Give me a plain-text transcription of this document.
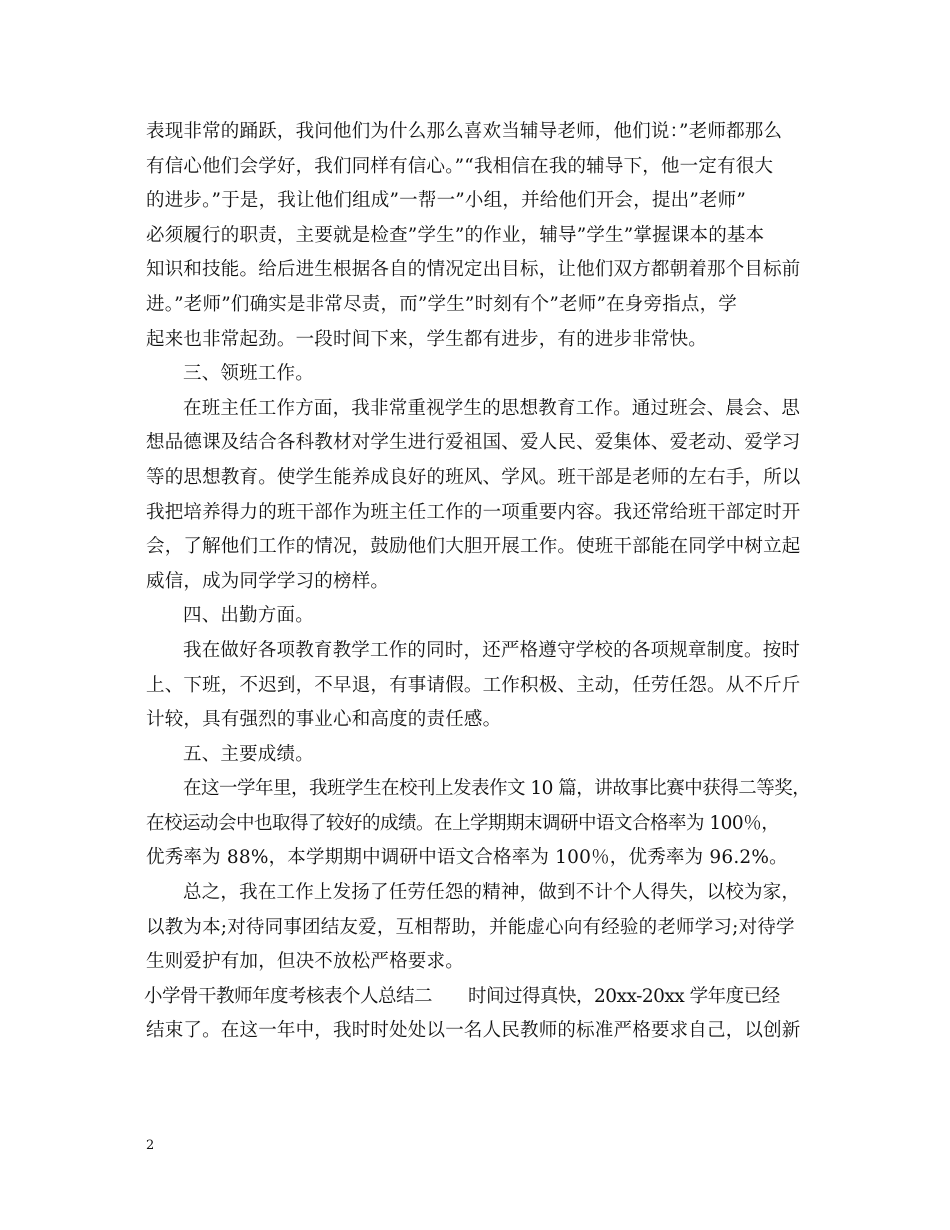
表现非常的踊跃，我问他们为什么那么喜欢当辅导老师，他们说：”老师都那么
有信心他们会学好，我们同样有信心。”“我相信在我的辅导下，他一定有很大
的进步。”于是，我让他们组成”一帮一”小组，并给他们开会，提出”老师”
必须履行的职责，主要就是检查”学生”的作业，辅导”学生”掌握课本的基本
知识和技能。给后进生根据各自的情况定出目标，让他们双方都朝着那个目标前
进。”老师”们确实是非常尽责，而”学生”时刻有个”老师”在身旁指点，学
起来也非常起劲。一段时间下来，学生都有进步，有的进步非常快。
三、领班工作。
在班主任工作方面，我非常重视学生的思想教育工作。通过班会、晨会、思
想品德课及结合各科教材对学生进行爱祖国、爱人民、爱集体、爱老动、爱学习
等的思想教育。使学生能养成良好的班风、学风。班干部是老师的左右手，所以
我把培养得力的班干部作为班主任工作的一项重要内容。我还常给班干部定时开
会，了解他们工作的情况，鼓励他们大胆开展工作。使班干部能在同学中树立起
威信，成为同学学习的榜样。
四、出勤方面。
我在做好各项教育教学工作的同时，还严格遵守学校的各项规章制度。按时
上、下班，不迟到，不早退，有事请假。工作积极、主动，任劳任怨。从不斤斤
计较，具有强烈的事业心和高度的责任感。
五、主要成绩。
在这一学年里，我班学生在校刊上发表作文 10 篇，讲故事比赛中获得二等奖，
在校运动会中也取得了较好的成绩。在上学期期末调研中语文合格率为 100％，
优秀率为 88%，本学期期中调研中语文合格率为 100％，优秀率为 96.2%。
总之，我在工作上发扬了任劳任怨的精神，做到不计个人得失，以校为家，
以教为本;对待同事团结友爱，互相帮助，并能虚心向有经验的老师学习;对待学
生则爱护有加，但决不放松严格要求。
小学骨干教师年度考核表个人总结二　　时间过得真快，20xx-20xx 学年度已经
结束了。在这一年中，我时时处处以一名人民教师的标准严格要求自己，以创新
2
